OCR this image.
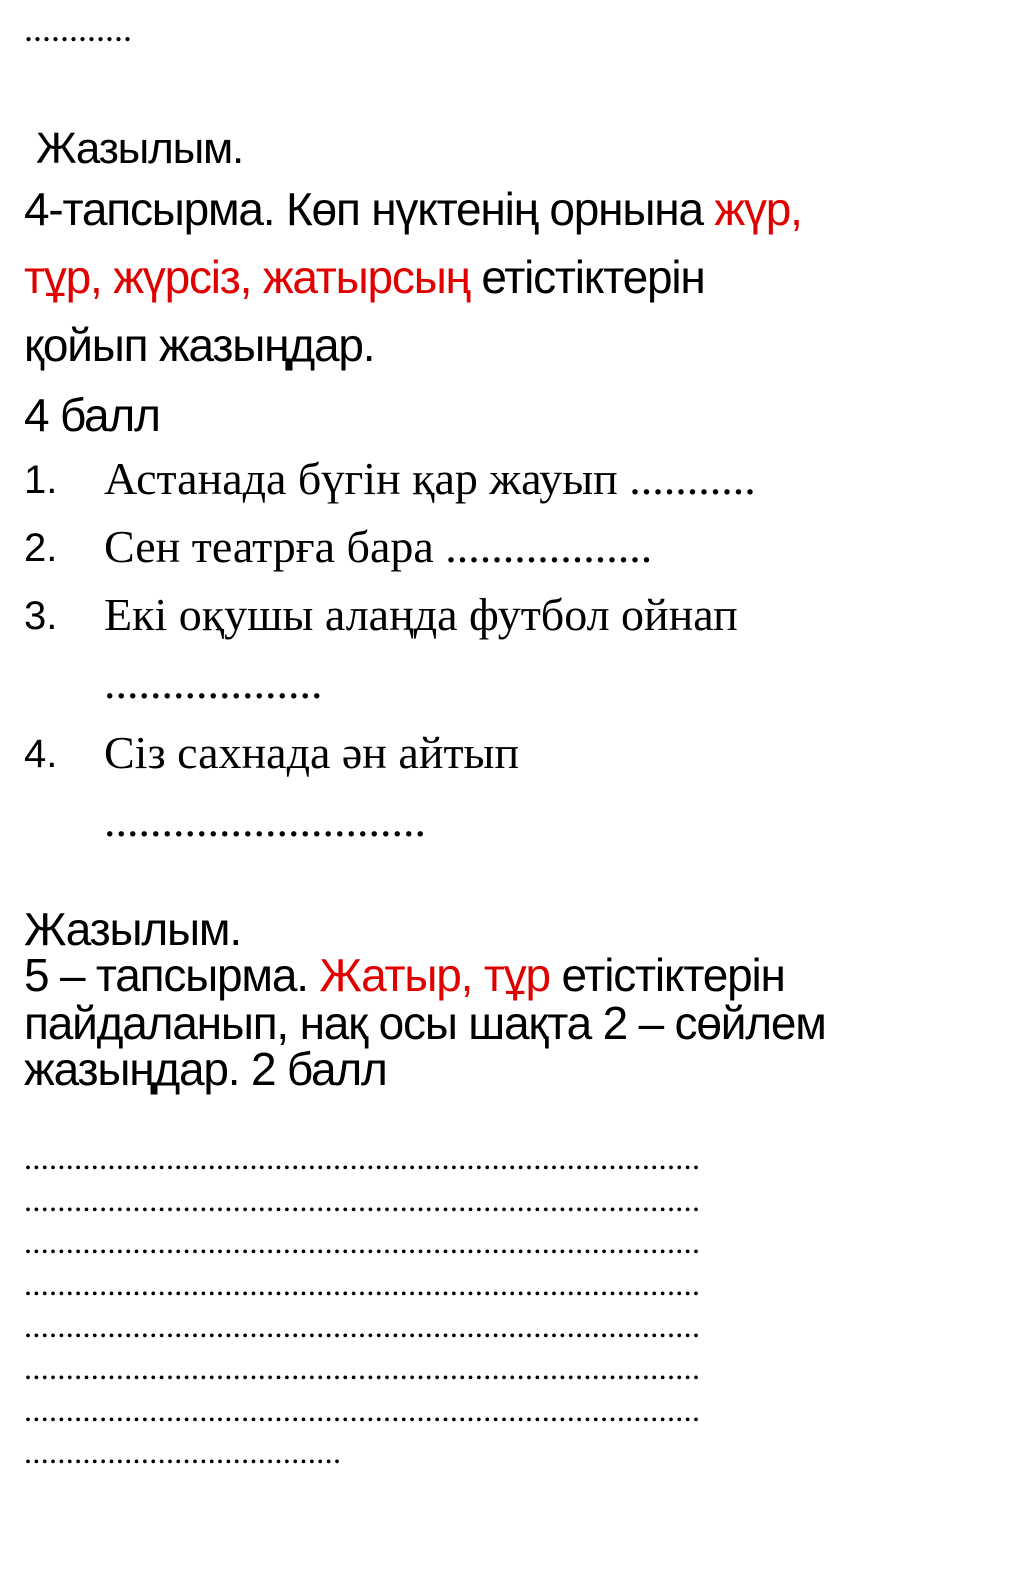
............
Жазылым.
4-тапсырма. Көп нүктенің орнына жүр,
тұр, жүрсіз, жатырсың етістіктерін
қойып жазыңдар.
4 балл
1. Астанада бүгін қар жауып ...........
2. Сен театрға бара ..................
3. Екі оқушы алаңда футбол ойнап
...................
4. Сіз сахнада ән айтып
............................
Жазылым.
5 – тапсырма. Жатыр, тұр етістіктерін
пайдаланып, нақ осы шақта 2 – сөйлем
жазыңдар. 2 балл
.................................................................................
.................................................................................
.................................................................................
.................................................................................
.................................................................................
.................................................................................
.................................................................................
......................................
